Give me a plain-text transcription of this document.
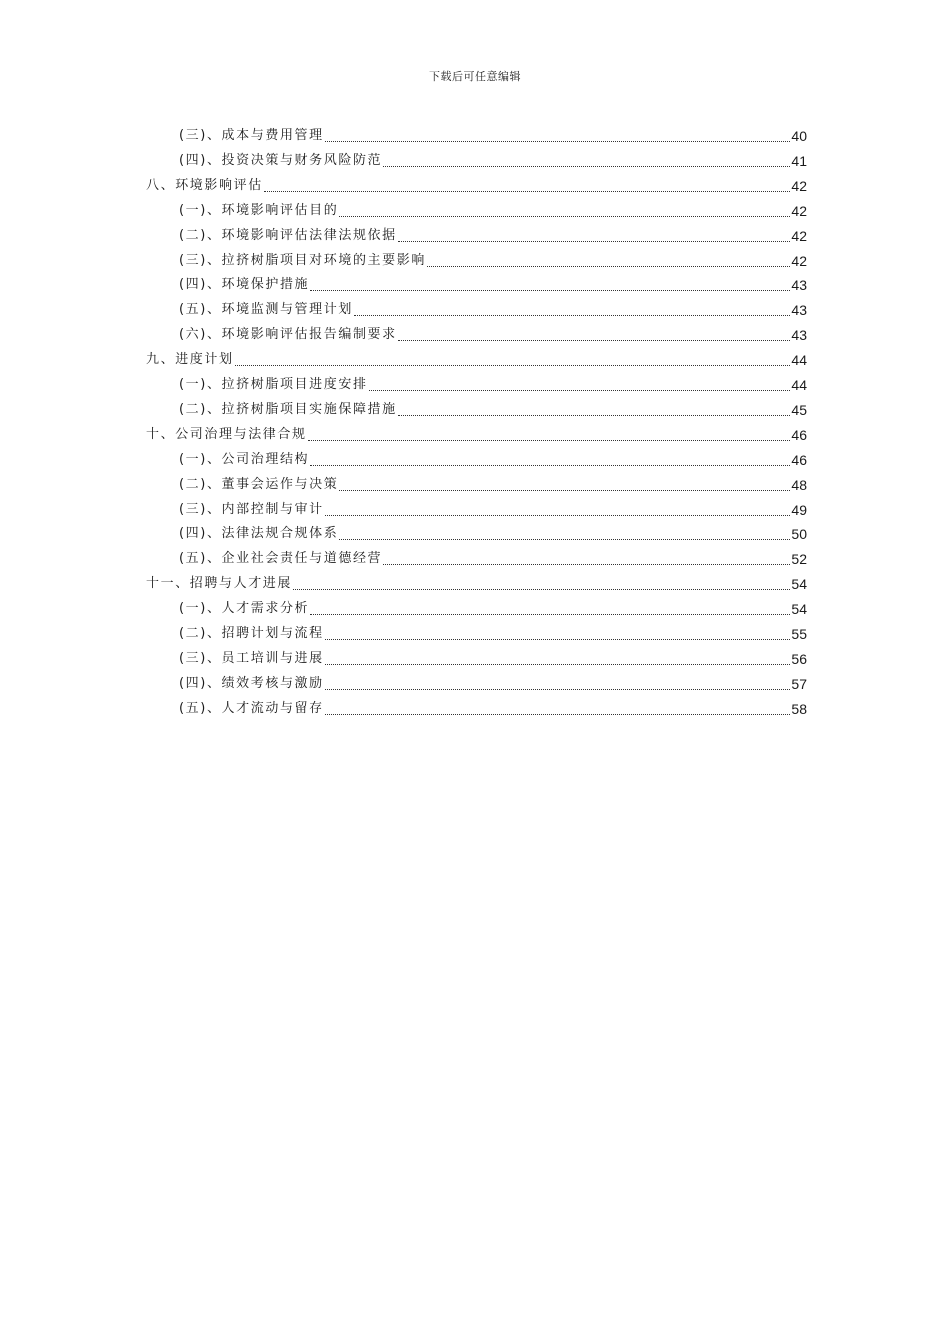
下载后可任意编辑
(三)、成本与费用管理	40
(四)、投资决策与财务风险防范	41
八、环境影响评估	42
(一)、环境影响评估目的	42
(二)、环境影响评估法律法规依据	42
(三)、拉挤树脂项目对环境的主要影响	42
(四)、环境保护措施	43
(五)、环境监测与管理计划	43
(六)、环境影响评估报告编制要求	43
九、进度计划	44
(一)、拉挤树脂项目进度安排	44
(二)、拉挤树脂项目实施保障措施	45
十、公司治理与法律合规	46
(一)、公司治理结构	46
(二)、董事会运作与决策	48
(三)、内部控制与审计	49
(四)、法律法规合规体系	50
(五)、企业社会责任与道德经营	52
十一、招聘与人才进展	54
(一)、人才需求分析	54
(二)、招聘计划与流程	55
(三)、员工培训与进展	56
(四)、绩效考核与激励	57
(五)、人才流动与留存	58
